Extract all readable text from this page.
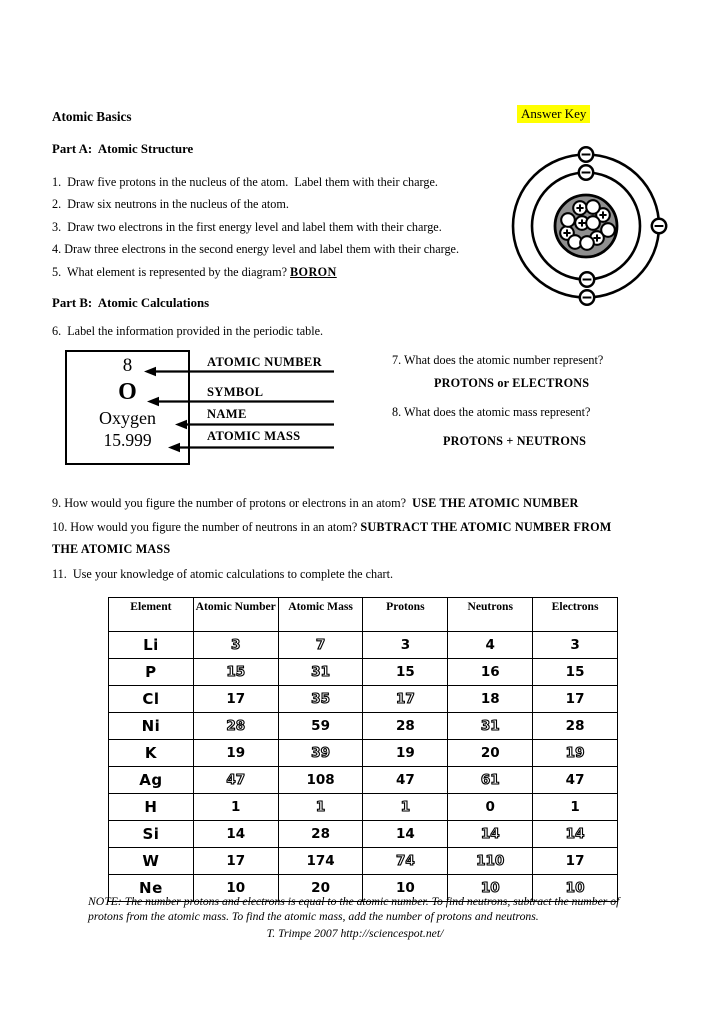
Atomic Basics	Answer Key
Part A:  Atomic Structure
1.  Draw five protons in the nucleus of the atom.  Label them with their charge.
2.  Draw six neutrons in the nucleus of the atom.
3.  Draw two electrons in the first energy level and label them with their charge.
4. Draw three electrons in the second energy level and label them with their charge.
5.  What element is represented by the diagram? BORON
Part B:  Atomic Calculations
6.  Label the information provided in the periodic table.
8
O
Oxygen
15.999
ATOMIC NUMBER
SYMBOL
NAME
ATOMIC MASS
7. What does the atomic number represent?
PROTONS or ELECTRONS
8. What does the atomic mass represent?
PROTONS + NEUTRONS
9. How would you figure the number of protons or electrons in an atom?  USE THE ATOMIC NUMBER
10. How would you figure the number of neutrons in an atom? SUBTRACT THE ATOMIC NUMBER FROM
THE ATOMIC MASS
11.  Use your knowledge of atomic calculations to complete the chart.
Element	Atomic Number	Atomic Mass	Protons	Neutrons	Electrons
Li	3	7	3	4	3
P	15	31	15	16	15
Cl	17	35	17	18	17
Ni	28	59	28	31	28
K	19	39	19	20	19
Ag	47	108	47	61	47
H	1	1	1	0	1
Si	14	28	14	14	14
W	17	174	74	110	17
Ne	10	20	10	10	10
NOTE: The number protons and electrons is equal to the atomic number. To find neutrons, subtract the number of
protons from the atomic mass. To find the atomic mass, add the number of protons and neutrons.
T. Trimpe 2007 http://sciencespot.net/
